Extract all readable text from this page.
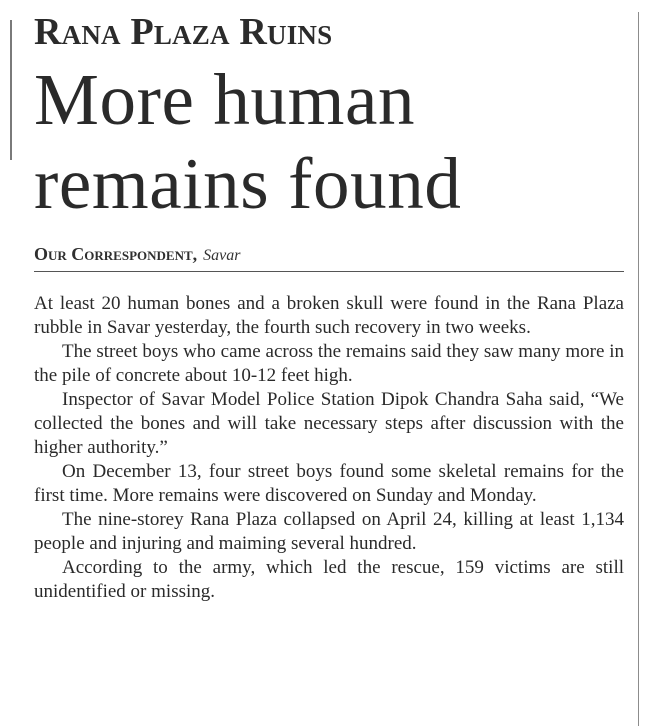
Rana Plaza Ruins
More human
remains found
Our Correspondent, Savar

At least 20 human bones and a broken skull were found in the Rana Plaza rubble in Savar yesterday, the fourth such recovery in two weeks.

The street boys who came across the remains said they saw many more in the pile of concrete about 10-12 feet high.

Inspector of Savar Model Police Station Dipok Chandra Saha said, “We collected the bones and will take necessary steps after discussion with the higher authority.”

On December 13, four street boys found some skeletal remains for the first time. More remains were discovered on Sunday and Monday.

The nine-storey Rana Plaza collapsed on April 24, killing at least 1,134 people and injuring and maiming several hundred.

According to the army, which led the rescue, 159 victims are still unidentified or missing.
